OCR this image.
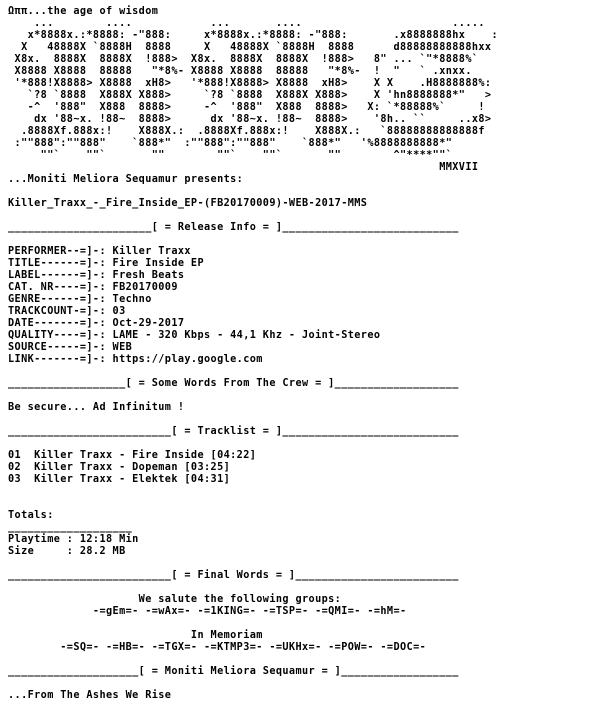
Ωππ...the age of wisdom
...        ....            ...       ....                       .....
x*8888x.:*8888: -"888:     x*8888x.:*8888: -"888:       .x8888888hx    :
X   48888X `8888H  8888     X   48888X `8888H  8888      d88888888888hxx
X8x.  8888X  8888X  !888>  X8x.  8888X  8888X  !888>   8" ... `"*8888%`
X8888 X8888  88888   "*8%- X8888 X8888  88888   "*8%-  !  "   ` .xnxx.
'*888!X8888> X8888  xH8>   '*888!X8888> X8888  xH8>    X X    .H8888888%:
`?8 `8888  X888X X888>     `?8 `8888  X888X X888>    X 'hn8888888*"   >
-^  '888"  X888  8888>     -^  '888"  X888  8888>   X: `*88888%`     !
dx '88~x. !88~  8888>      dx '88~x. !88~  8888>    '8h.. ``     ..x8>
.8888Xf.888x:!    X888X.:  .8888Xf.888x:!    X888X.:   `88888888888888f
:""888":""888"    `888*"  :""888":""888"    `888*"   '%8888888888*"
""`    ""`       ""        ""`    ""`       ""        ^"****""`
MMXVII
...Moniti Meliora Sequamur presents:
Killer_Traxx_-_Fire_Inside_EP-(FB20170009)-WEB-2017-MMS
______________________[ = Release Info = ]___________________________
PERFORMER--=]-: Killer Traxx
TITLE------=]-: Fire Inside EP
LABEL------=]-: Fresh Beats
CAT. NR----=]-: FB20170009
GENRE------=]-: Techno
TRACKCOUNT-=]-: 03
DATE-------=]-: Oct-29-2017
QUALITY----=]-: LAME - 320 Kbps - 44,1 Khz - Joint-Stereo
SOURCE-----=]-: WEB
LINK-------=]-: https://play.google.com
__________________[ = Some Words From The Crew = ]___________________
Be secure... Ad Infinitum !
_________________________[ = Tracklist = ]___________________________
01  Killer Traxx - Fire Inside [04:22]
02  Killer Traxx - Dopeman [03:25]
03  Killer Traxx - Elektek [04:31]
Totals:
___________________
Playtime : 12:18 Min
Size     : 28.2 MB
_________________________[ = Final Words = ]_________________________
We salute the following groups:
-=gEm=- -=wAx=- -=1KING=- -=TSP=- -=QMI=- -=hM=-
In Memoriam
-=SQ=- -=HB=- -=TGX=- -=KTMP3=- -=UKHx=- -=POW=- -=DOC=-
____________________[ = Moniti Meliora Sequamur = ]__________________
...From The Ashes We Rise
